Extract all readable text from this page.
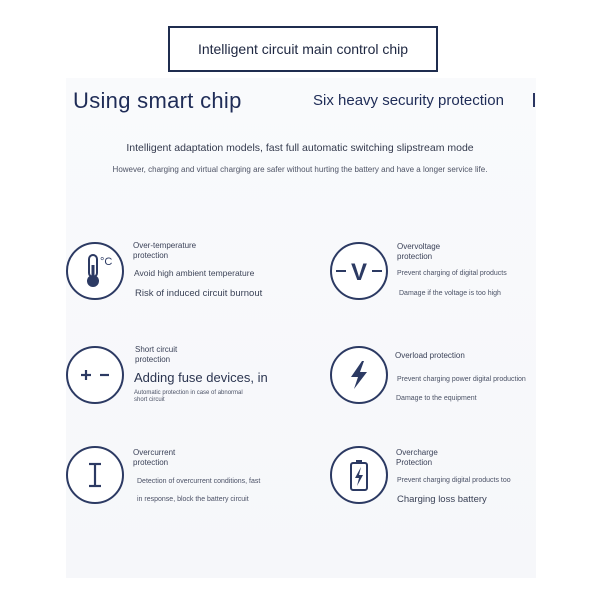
Intelligent circuit main control chip
Using smart chip	Six heavy security protection
Intelligent adaptation models, fast full automatic switching slipstream mode
However, charging and virtual charging are safer without hurting the battery and have a longer service life.
°C
Over-temperature
protection
Avoid high ambient temperature
Risk of induced circuit burnout
V
Overvoltage
protection
Prevent charging of digital products
Damage if the voltage is too high
Short circuit
protection
Adding fuse devices, in
Automatic protection in case of abnormal
short circuit
Overload protection
Prevent charging power digital production
Damage to the equipment
Overcurrent
protection
Detection of overcurrent conditions, fast
in response, block the battery circuit
Overcharge
Protection
Prevent charging digital products too
Charging loss battery
